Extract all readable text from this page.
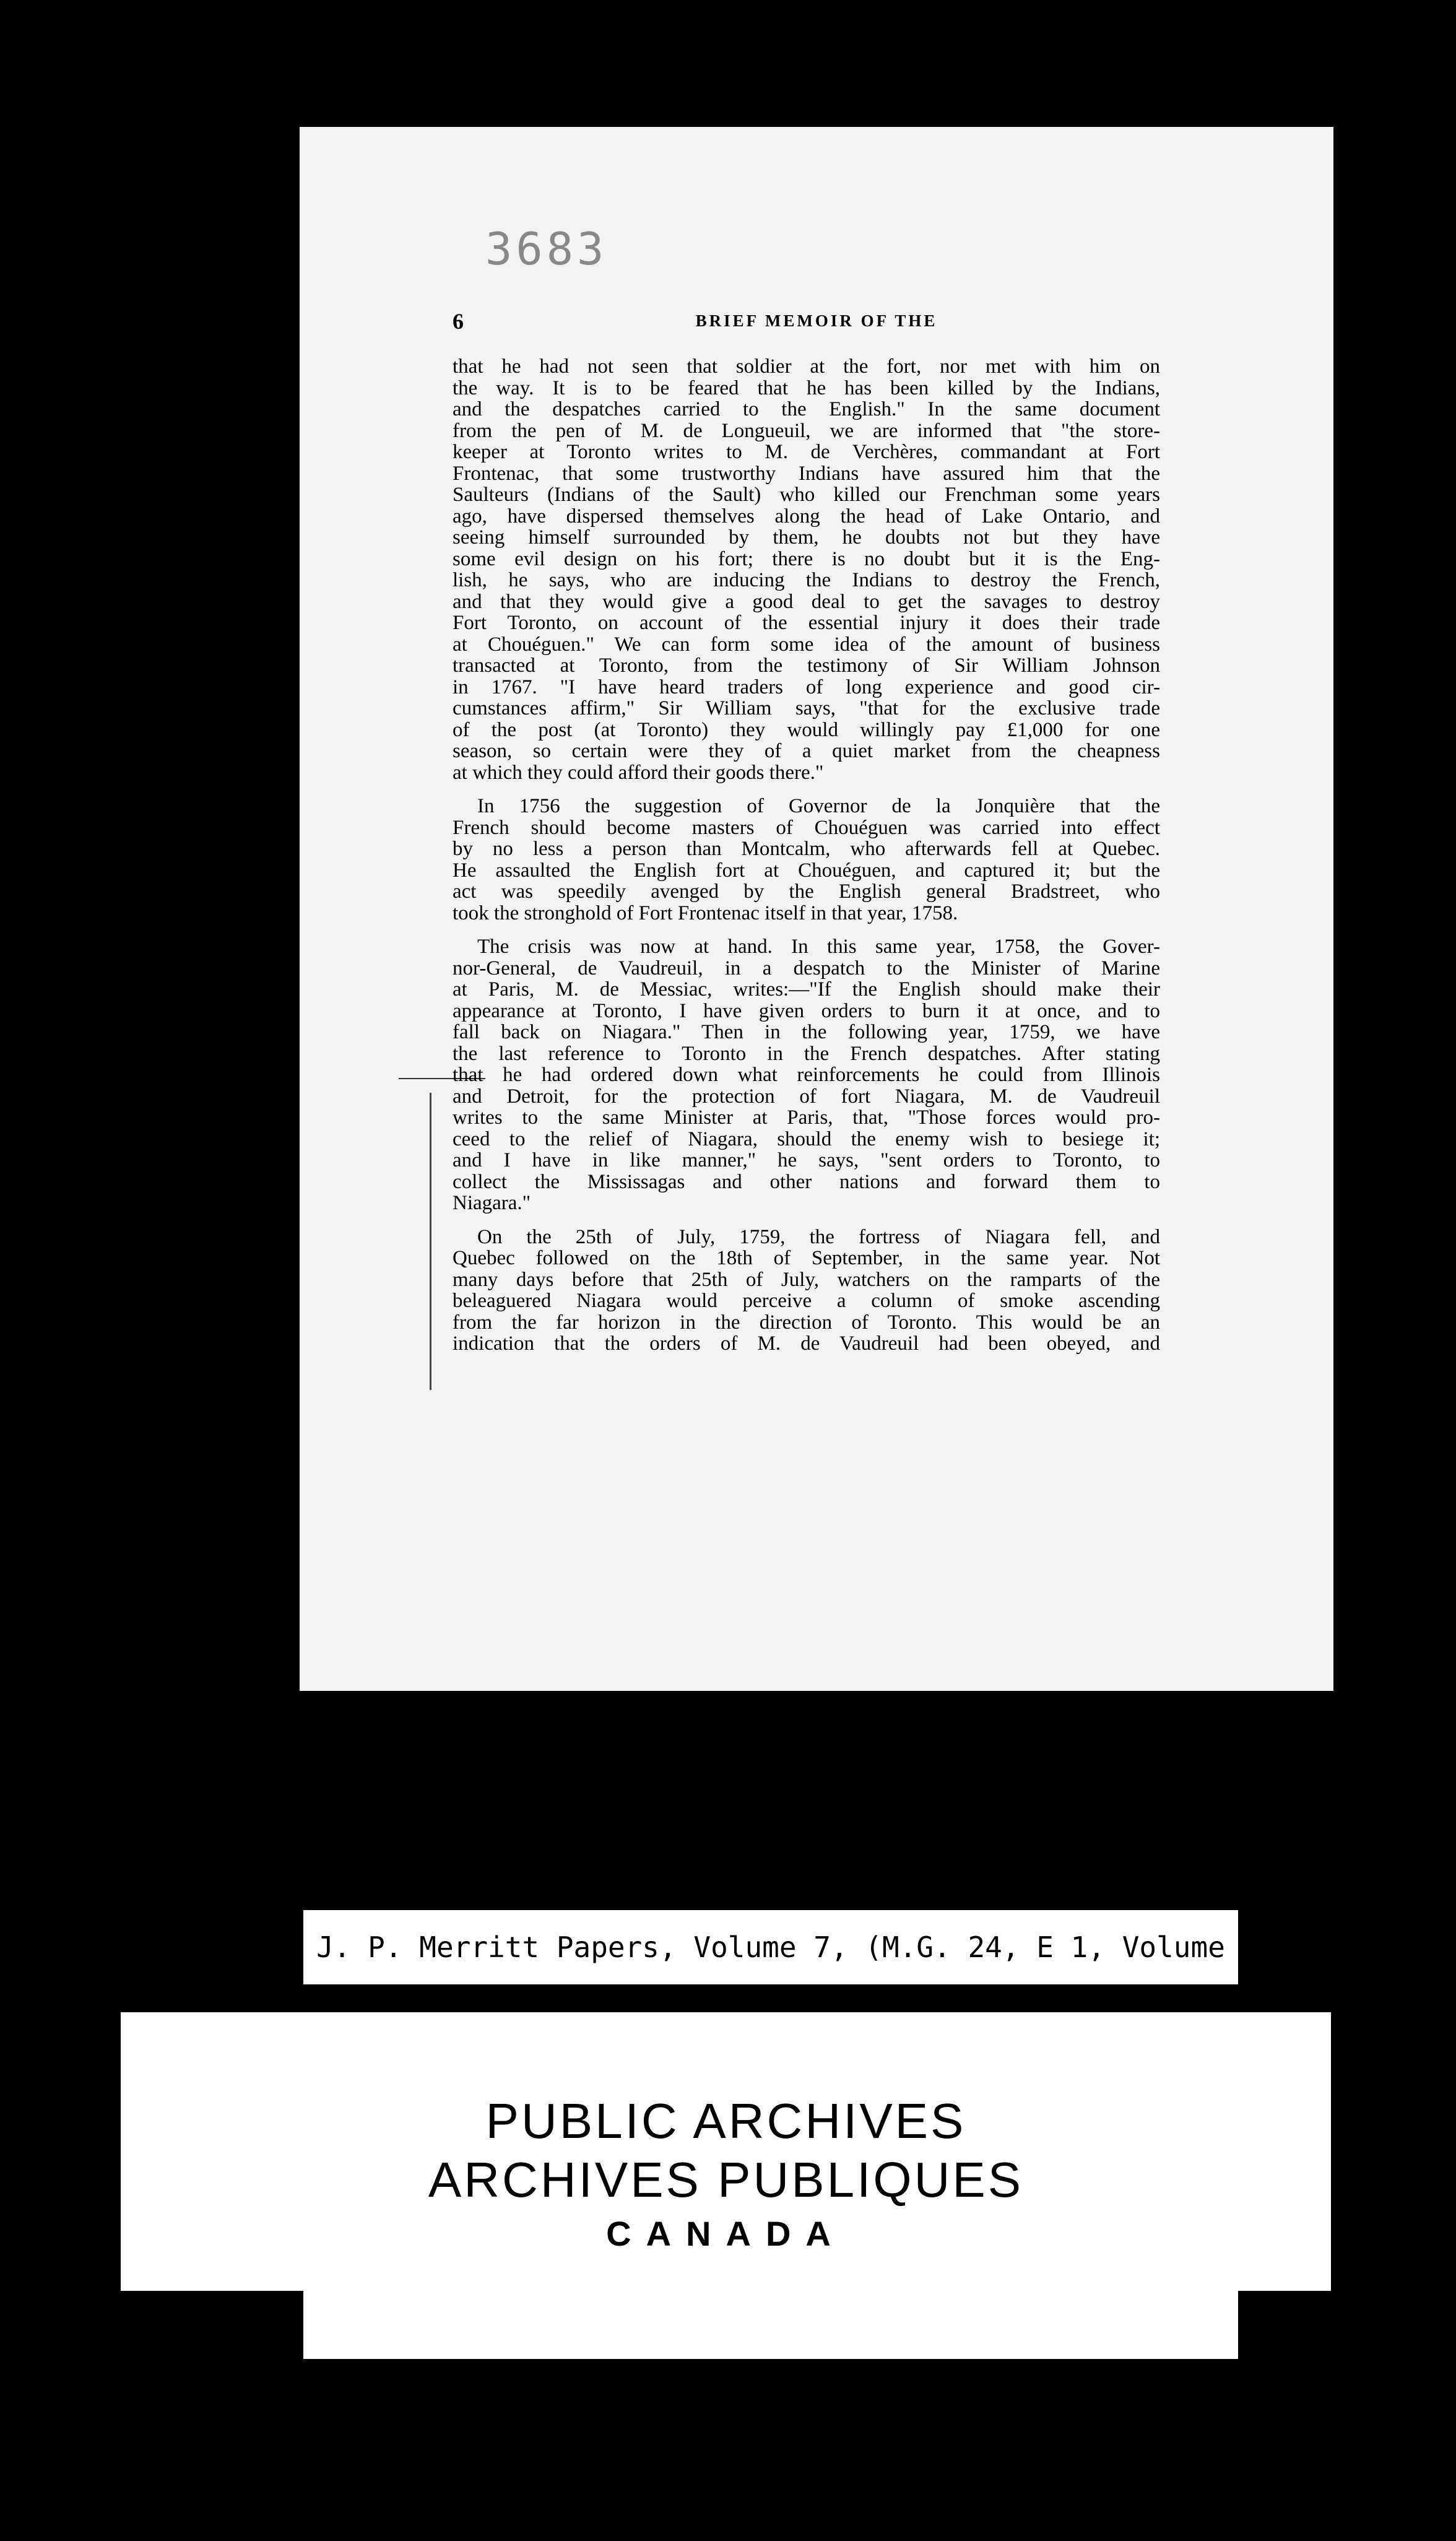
3683
6	BRIEF MEMOIR OF THE
that he had not seen that soldier at the fort, nor met with him on
the way. It is to be feared that he has been killed by the Indians,
and the despatches carried to the English." In the same document
from the pen of M. de Longueuil, we are informed that "the store-
keeper at Toronto writes to M. de Verchères, commandant at Fort
Frontenac, that some trustworthy Indians have assured him that the
Saulteurs (Indians of the Sault) who killed our Frenchman some years
ago, have dispersed themselves along the head of Lake Ontario, and
seeing himself surrounded by them, he doubts not but they have
some evil design on his fort; there is no doubt but it is the Eng-
lish, he says, who are inducing the Indians to destroy the French,
and that they would give a good deal to get the savages to destroy
Fort Toronto, on account of the essential injury it does their trade
at Chouéguen." We can form some idea of the amount of business
transacted at Toronto, from the testimony of Sir William Johnson
in 1767. "I have heard traders of long experience and good cir-
cumstances affirm," Sir William says, "that for the exclusive trade
of the post (at Toronto) they would willingly pay £1,000 for one
season, so certain were they of a quiet market from the cheapness
at which they could afford their goods there."
In 1756 the suggestion of Governor de la Jonquière that the
French should become masters of Chouéguen was carried into effect
by no less a person than Montcalm, who afterwards fell at Quebec.
He assaulted the English fort at Chouéguen, and captured it; but the
act was speedily avenged by the English general Bradstreet, who
took the stronghold of Fort Frontenac itself in that year, 1758.
The crisis was now at hand. In this same year, 1758, the Gover-
nor-General, de Vaudreuil, in a despatch to the Minister of Marine
at Paris, M. de Messiac, writes:—"If the English should make their
appearance at Toronto, I have given orders to burn it at once, and to
fall back on Niagara." Then in the following year, 1759, we have
the last reference to Toronto in the French despatches. After stating
that he had ordered down what reinforcements he could from Illinois
and Detroit, for the protection of fort Niagara, M. de Vaudreuil
writes to the same Minister at Paris, that, "Those forces would pro-
ceed to the relief of Niagara, should the enemy wish to besiege it;
and I have in like manner," he says, "sent orders to Toronto, to
collect the Mississagas and other nations and forward them to
Niagara."
On the 25th of July, 1759, the fortress of Niagara fell, and
Quebec followed on the 18th of September, in the same year. Not
many days before that 25th of July, watchers on the ramparts of the
beleaguered Niagara would perceive a column of smoke ascending
from the far horizon in the direction of Toronto. This would be an
indication that the orders of M. de Vaudreuil had been obeyed, and
J. P. Merritt Papers, Volume 7, (M.G. 24, E 1, Volume
PUBLIC ARCHIVES
ARCHIVES PUBLIQUES
CANADA
